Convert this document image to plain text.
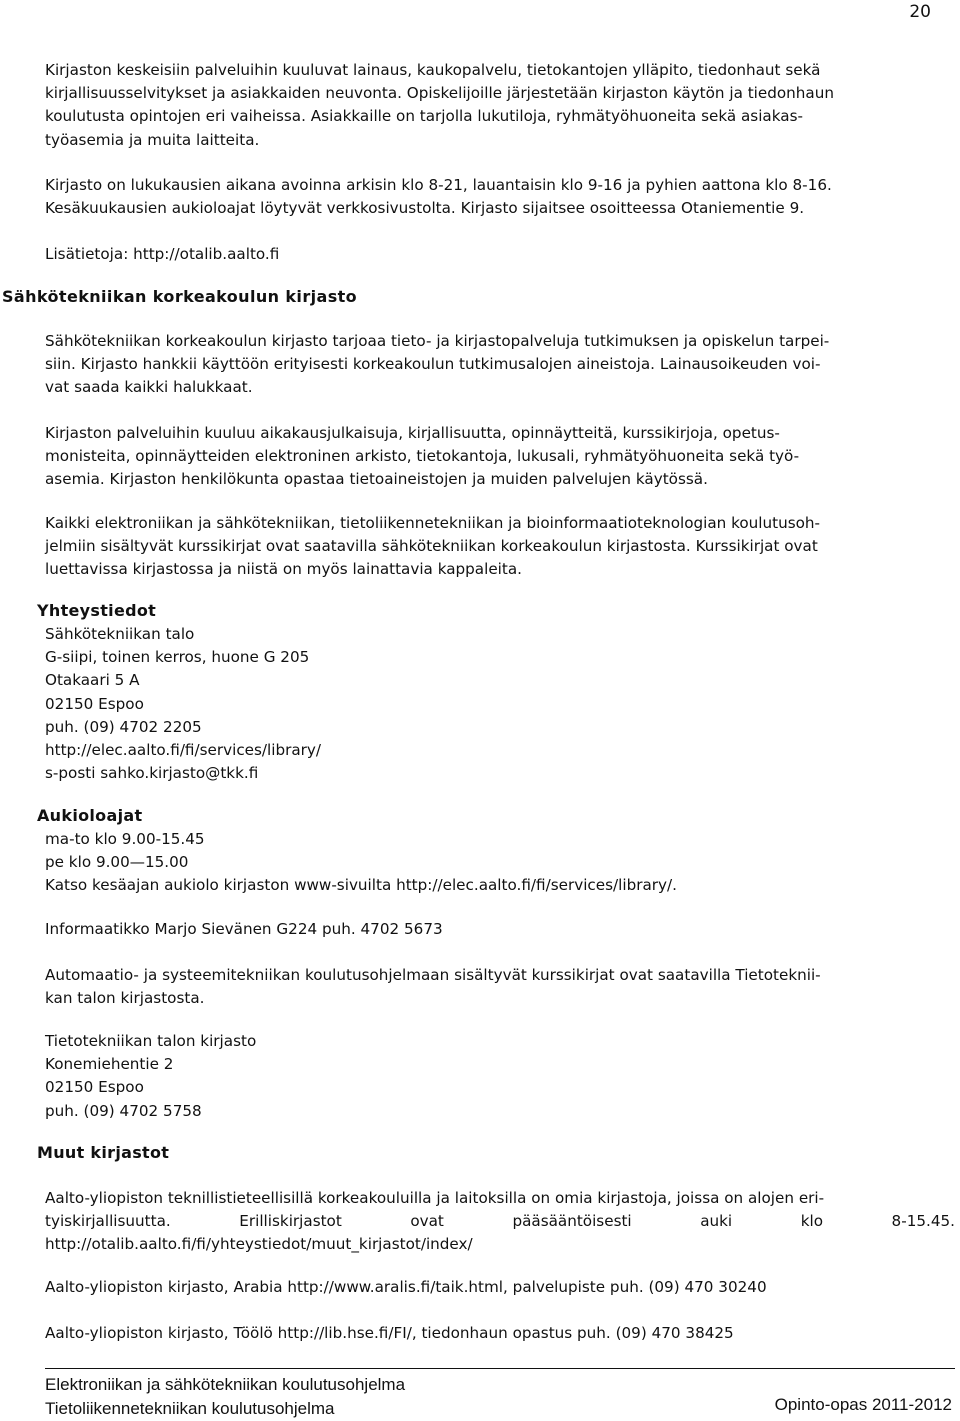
20

Kirjaston keskeisiin palveluihin kuuluvat lainaus, kaukopalvelu, tietokantojen ylläpito, tiedonhaut sekä
kirjallisuusselvitykset ja asiakkaiden neuvonta. Opiskelijoille järjestetään kirjaston käytön ja tiedonhaun
koulutusta opintojen eri vaiheissa. Asiakkaille on tarjolla lukutiloja, ryhmätyöhuoneita sekä asiakas-
työasemia ja muita laitteita.

Kirjasto on lukukausien aikana avoinna arkisin klo 8-21, lauantaisin klo 9-16 ja pyhien aattona klo 8-16.
Kesäkuukausien aukioloajat löytyvät verkkosivustolta. Kirjasto sijaitsee osoitteessa Otaniementie 9.

Lisätietoja: http://otalib.aalto.fi

Sähkötekniikan korkeakoulun kirjasto

Sähkötekniikan korkeakoulun kirjasto tarjoaa tieto- ja kirjastopalveluja tutkimuksen ja opiskelun tarpei-
siin. Kirjasto hankkii käyttöön erityisesti korkeakoulun tutkimusalojen aineistoja. Lainausoikeuden voi-
vat saada kaikki halukkaat.

Kirjaston palveluihin kuuluu aikakausjulkaisuja, kirjallisuutta, opinnäytteitä, kurssikirjoja, opetus-
monisteita, opinnäytteiden elektroninen arkisto, tietokantoja, lukusali, ryhmätyöhuoneita sekä työ-
asemia. Kirjaston henkilökunta opastaa tietoaineistojen ja muiden palvelujen käytössä.

Kaikki elektroniikan ja sähkötekniikan, tietoliikennetekniikan ja bioinformaatioteknologian koulutusoh-
jelmiin sisältyvät kurssikirjat ovat saatavilla sähkötekniikan korkeakoulun kirjastosta. Kurssikirjat ovat
luettavissa kirjastossa ja niistä on myös lainattavia kappaleita.

Yhteystiedot
Sähkötekniikan talo
G-siipi, toinen kerros, huone G 205
Otakaari 5 A
02150 Espoo
puh. (09) 4702 2205
http://elec.aalto.fi/fi/services/library/
s-posti sahko.kirjasto@tkk.fi
Aukioloajat
ma-to klo 9.00-15.45
pe klo 9.00—15.00
Katso kesäajan aukiolo kirjaston www-sivuilta http://elec.aalto.fi/fi/services/library/.
Informaatikko Marjo Sievänen G224 puh. 4702 5673

Automaatio- ja systeemitekniikan koulutusohjelmaan sisältyvät kurssikirjat ovat saatavilla Tietoteknii-
kan talon kirjastosta.

Tietotekniikan talon kirjasto
Konemiehentie 2
02150 Espoo
puh. (09) 4702 5758
Muut kirjastot

Aalto-yliopiston teknillistieteellisillä korkeakouluilla ja laitoksilla on omia kirjastoja, joissa on alojen eri-
tyiskirjallisuutta. Erilliskirjastot ovat pääsääntöisesti auki klo 8-15.45.
http://otalib.aalto.fi/fi/yhteystiedot/muut_kirjastot/index/

Aalto-yliopiston kirjasto, Arabia http://www.aralis.fi/taik.html, palvelupiste puh. (09) 470 30240
Aalto-yliopiston kirjasto, Töölö http://lib.hse.fi/FI/, tiedonhaun opastus puh. (09) 470 38425
Elektroniikan ja sähkötekniikan koulutusohjelma
Tietoliikennetekniikan koulutusohjelma	Opinto-opas 2011-2012
